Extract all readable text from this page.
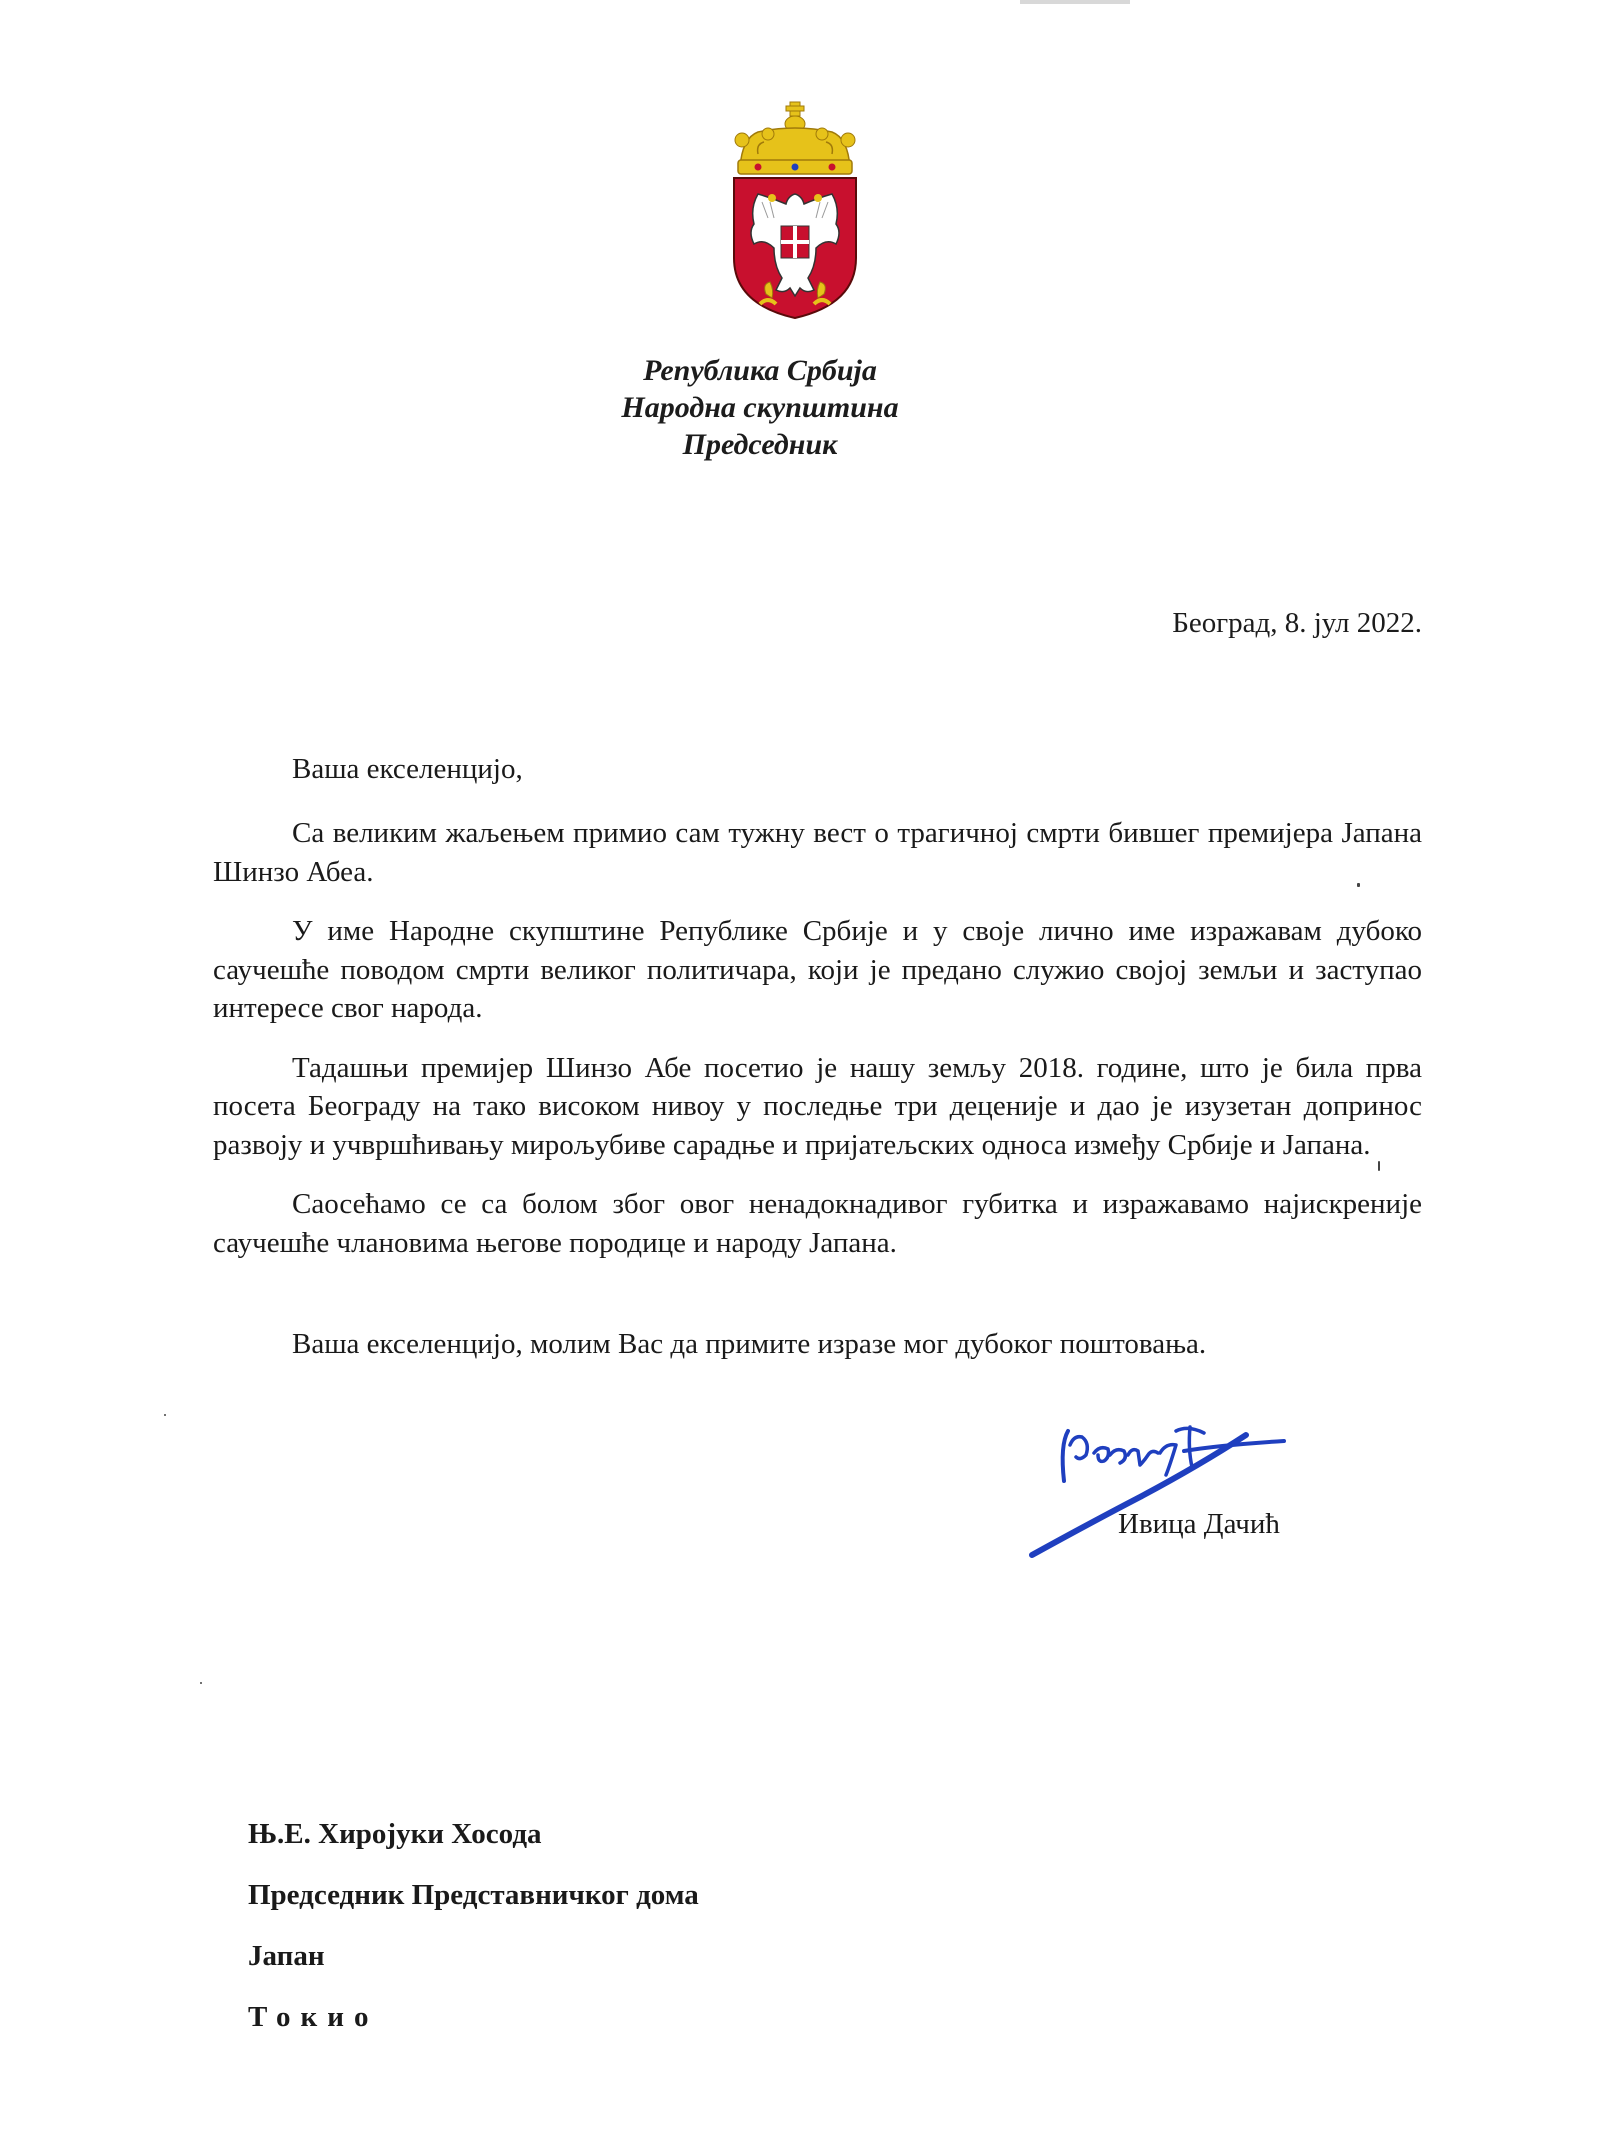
Република Србија
Народна скупштина
Председник
Београд, 8. јул 2022.
Ваша екселенцијо,

Са великим жаљењем примио сам тужну вест о трагичној смрти бившег премијера Јапана Шинзо Абеа.

У име Народне скупштине Републике Србије и у своје лично име изражавам дубоко саучешће поводом смрти великог политичара, који је предано служио својој земљи и заступао интересе свог народа.

Тадашњи премијер Шинзо Абе посетио је нашу земљу 2018. године, што је била прва посета Београду на тако високом нивоу у последње три деценије и дао је изузетан допринос развоју и учвршћивању мирољубиве сарадње и пријатељских односа између Србије и Јапана.

Саосећамо се са болом због овог ненадокнадивог губитка и изражавамо најискреније саучешће члановима његове породице и народу Јапана.

Ваша екселенцијо, молим Вас да примите изразе мог дубоког поштовања.
Ивица Дачић
Њ.Е. Хиројуки Хосода
Председник Представничког дома
Јапан
Токио
